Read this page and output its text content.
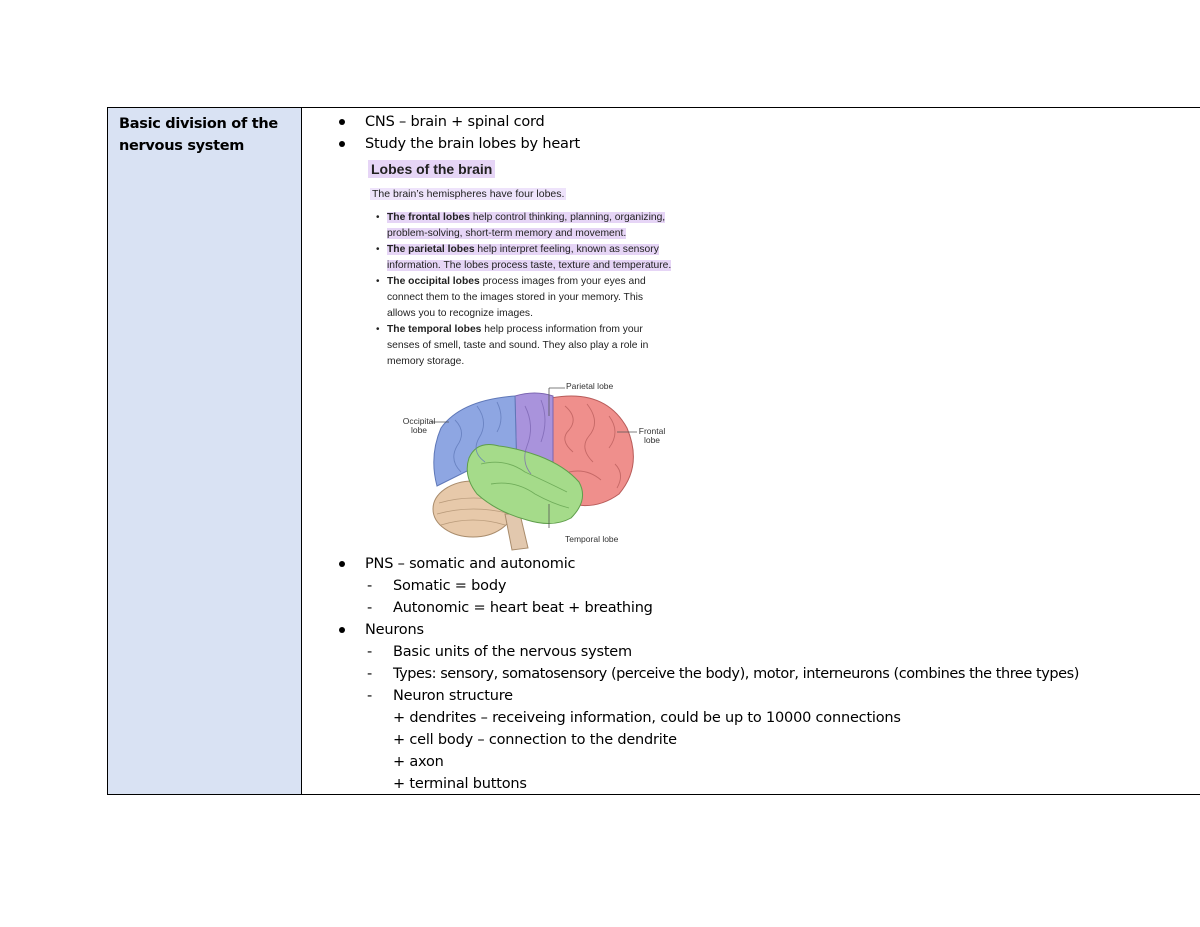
Basic division of the nervous system
CNS – brain + spinal cord
Study the brain lobes by heart
Lobes of the brain
The brain’s hemispheres have four lobes.
• The frontal lobes help control thinking, planning, organizing,
problem-solving, short-term memory and movement.
• The parietal lobes help interpret feeling, known as sensory
information. The lobes process taste, texture and temperature.
• The occipital lobes process images from your eyes and
connect them to the images stored in your memory. This
allows you to recognize images.
• The temporal lobes help process information from your
senses of smell, taste and sound. They also play a role in
memory storage.
Parietal lobe
Occipital
lobe	Frontal
lobe
Temporal lobe
PNS – somatic and autonomic
- Somatic = body
- Autonomic = heart beat + breathing
Neurons
- Basic units of the nervous system
- Types: sensory, somatosensory (perceive the body), motor, interneurons (combines the three types)
- Neuron structure
+ dendrites – receiveing information, could be up to 10000 connections
+ cell body – connection to the dendrite
+ axon
+ terminal buttons
